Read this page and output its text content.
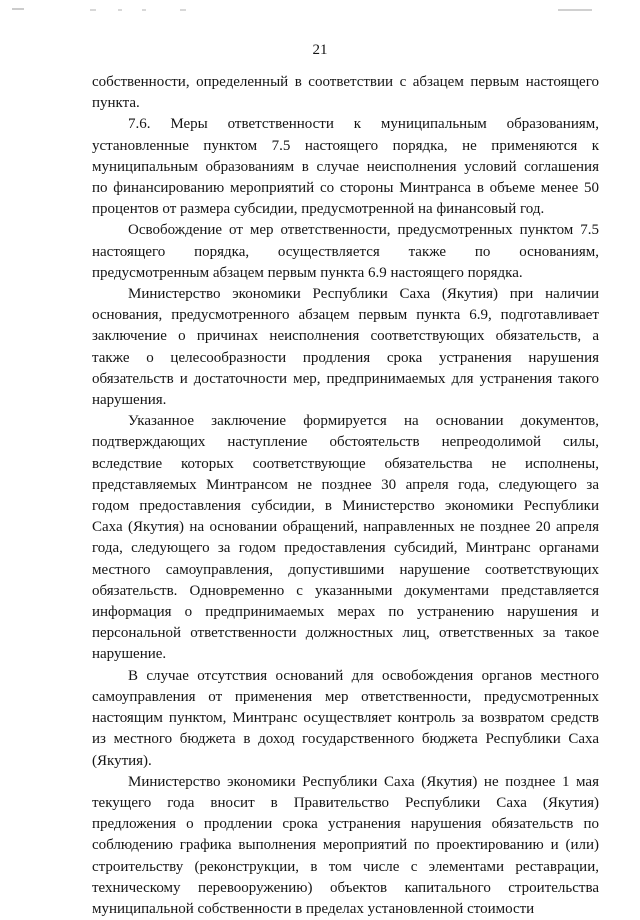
21
собственности, определенный в соответствии с абзацем первым настоящего
пункта.
7.6. Меры ответственности к муниципальным образованиям,
установленные пунктом 7.5 настоящего порядка, не применяются к
муниципальным образованиям в случае неисполнения условий соглашения
по финансированию мероприятий со стороны Минтранса в объеме менее 50
процентов от размера субсидии, предусмотренной на финансовый год.
Освобождение от мер ответственности, предусмотренных пунктом 7.5
настоящего порядка, осуществляется также по основаниям,
предусмотренным абзацем первым пункта 6.9 настоящего порядка.
Министерство экономики Республики Саха (Якутия) при наличии
основания, предусмотренного абзацем первым пункта 6.9, подготавливает
заключение о причинах неисполнения соответствующих обязательств, а
также о целесообразности продления срока устранения нарушения
обязательств и достаточности мер, предпринимаемых для устранения такого
нарушения.
Указанное заключение формируется на основании документов,
подтверждающих наступление обстоятельств непреодолимой силы,
вследствие которых соответствующие обязательства не исполнены,
представляемых Минтрансом не позднее 30 апреля года, следующего за
годом предоставления субсидии, в Министерство экономики Республики
Саха (Якутия) на основании обращений, направленных не позднее 20 апреля
года, следующего за годом предоставления субсидий, Минтранс органами
местного самоуправления, допустившими нарушение соответствующих
обязательств. Одновременно с указанными документами представляется
информация о предпринимаемых мерах по устранению нарушения и
персональной ответственности должностных лиц, ответственных за такое
нарушение.
В случае отсутствия оснований для освобождения органов местного
самоуправления от применения мер ответственности, предусмотренных
настоящим пунктом, Минтранс осуществляет контроль за возвратом средств
из местного бюджета в доход государственного бюджета Республики Саха
(Якутия).
Министерство экономики Республики Саха (Якутия) не позднее 1 мая
текущего года вносит в Правительство Республики Саха (Якутия)
предложения о продлении срока устранения нарушения обязательств по
соблюдению графика выполнения мероприятий по проектированию и (или)
строительству (реконструкции, в том числе с элементами реставрации,
техническому перевооружению) объектов капитального строительства
муниципальной собственности в пределах установленной стоимости
